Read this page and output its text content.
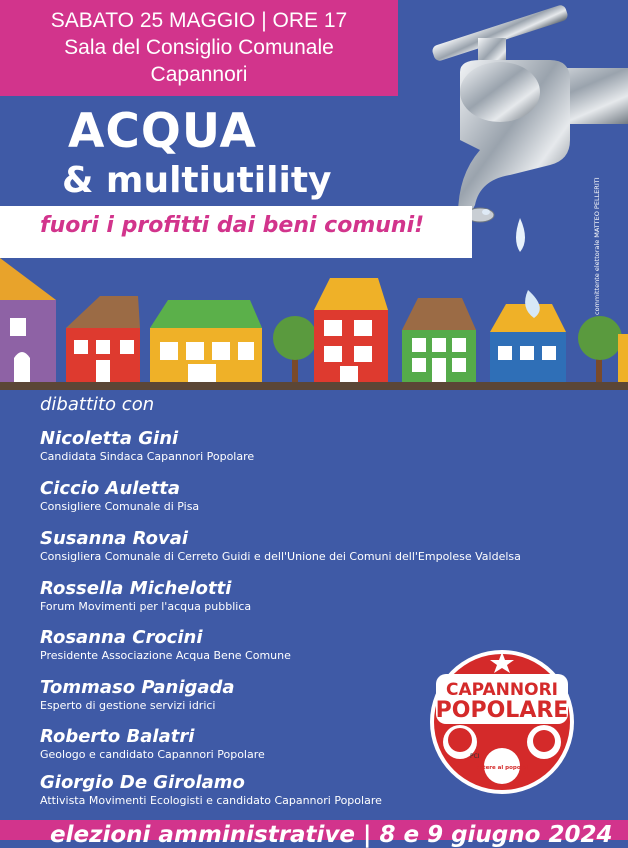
SABATO 25 MAGGIO | ORE 17
Sala del Consiglio Comunale
Capannori
committente elettorale MATTEO PELLERITI
ACQUA
& multiutility
fuori i profitti dai beni comuni!
dibattito con
Nicoletta Gini
Candidata Sindaca Capannori Popolare
Ciccio Auletta
Consigliere Comunale di Pisa
Susanna Rovai
Consigliera Comunale di Cerreto Guidi e dell'Unione dei Comuni dell'Empolese Valdelsa
Rossella Michelotti
Forum Movimenti per l'acqua pubblica
Rosanna Crocini
Presidente Associazione Acqua Bene Comune
Tommaso Panigada
Esperto di gestione servizi idrici
Roberto Balatri
Geologo e candidato Capannori Popolare
Giorgio De Girolamo
Attivista Movimenti Ecologisti e candidato Capannori Popolare
CAPANNORI
POPOLARE
PCI
potere al popolo!
elezioni amministrative | 8 e 9 giugno 2024
